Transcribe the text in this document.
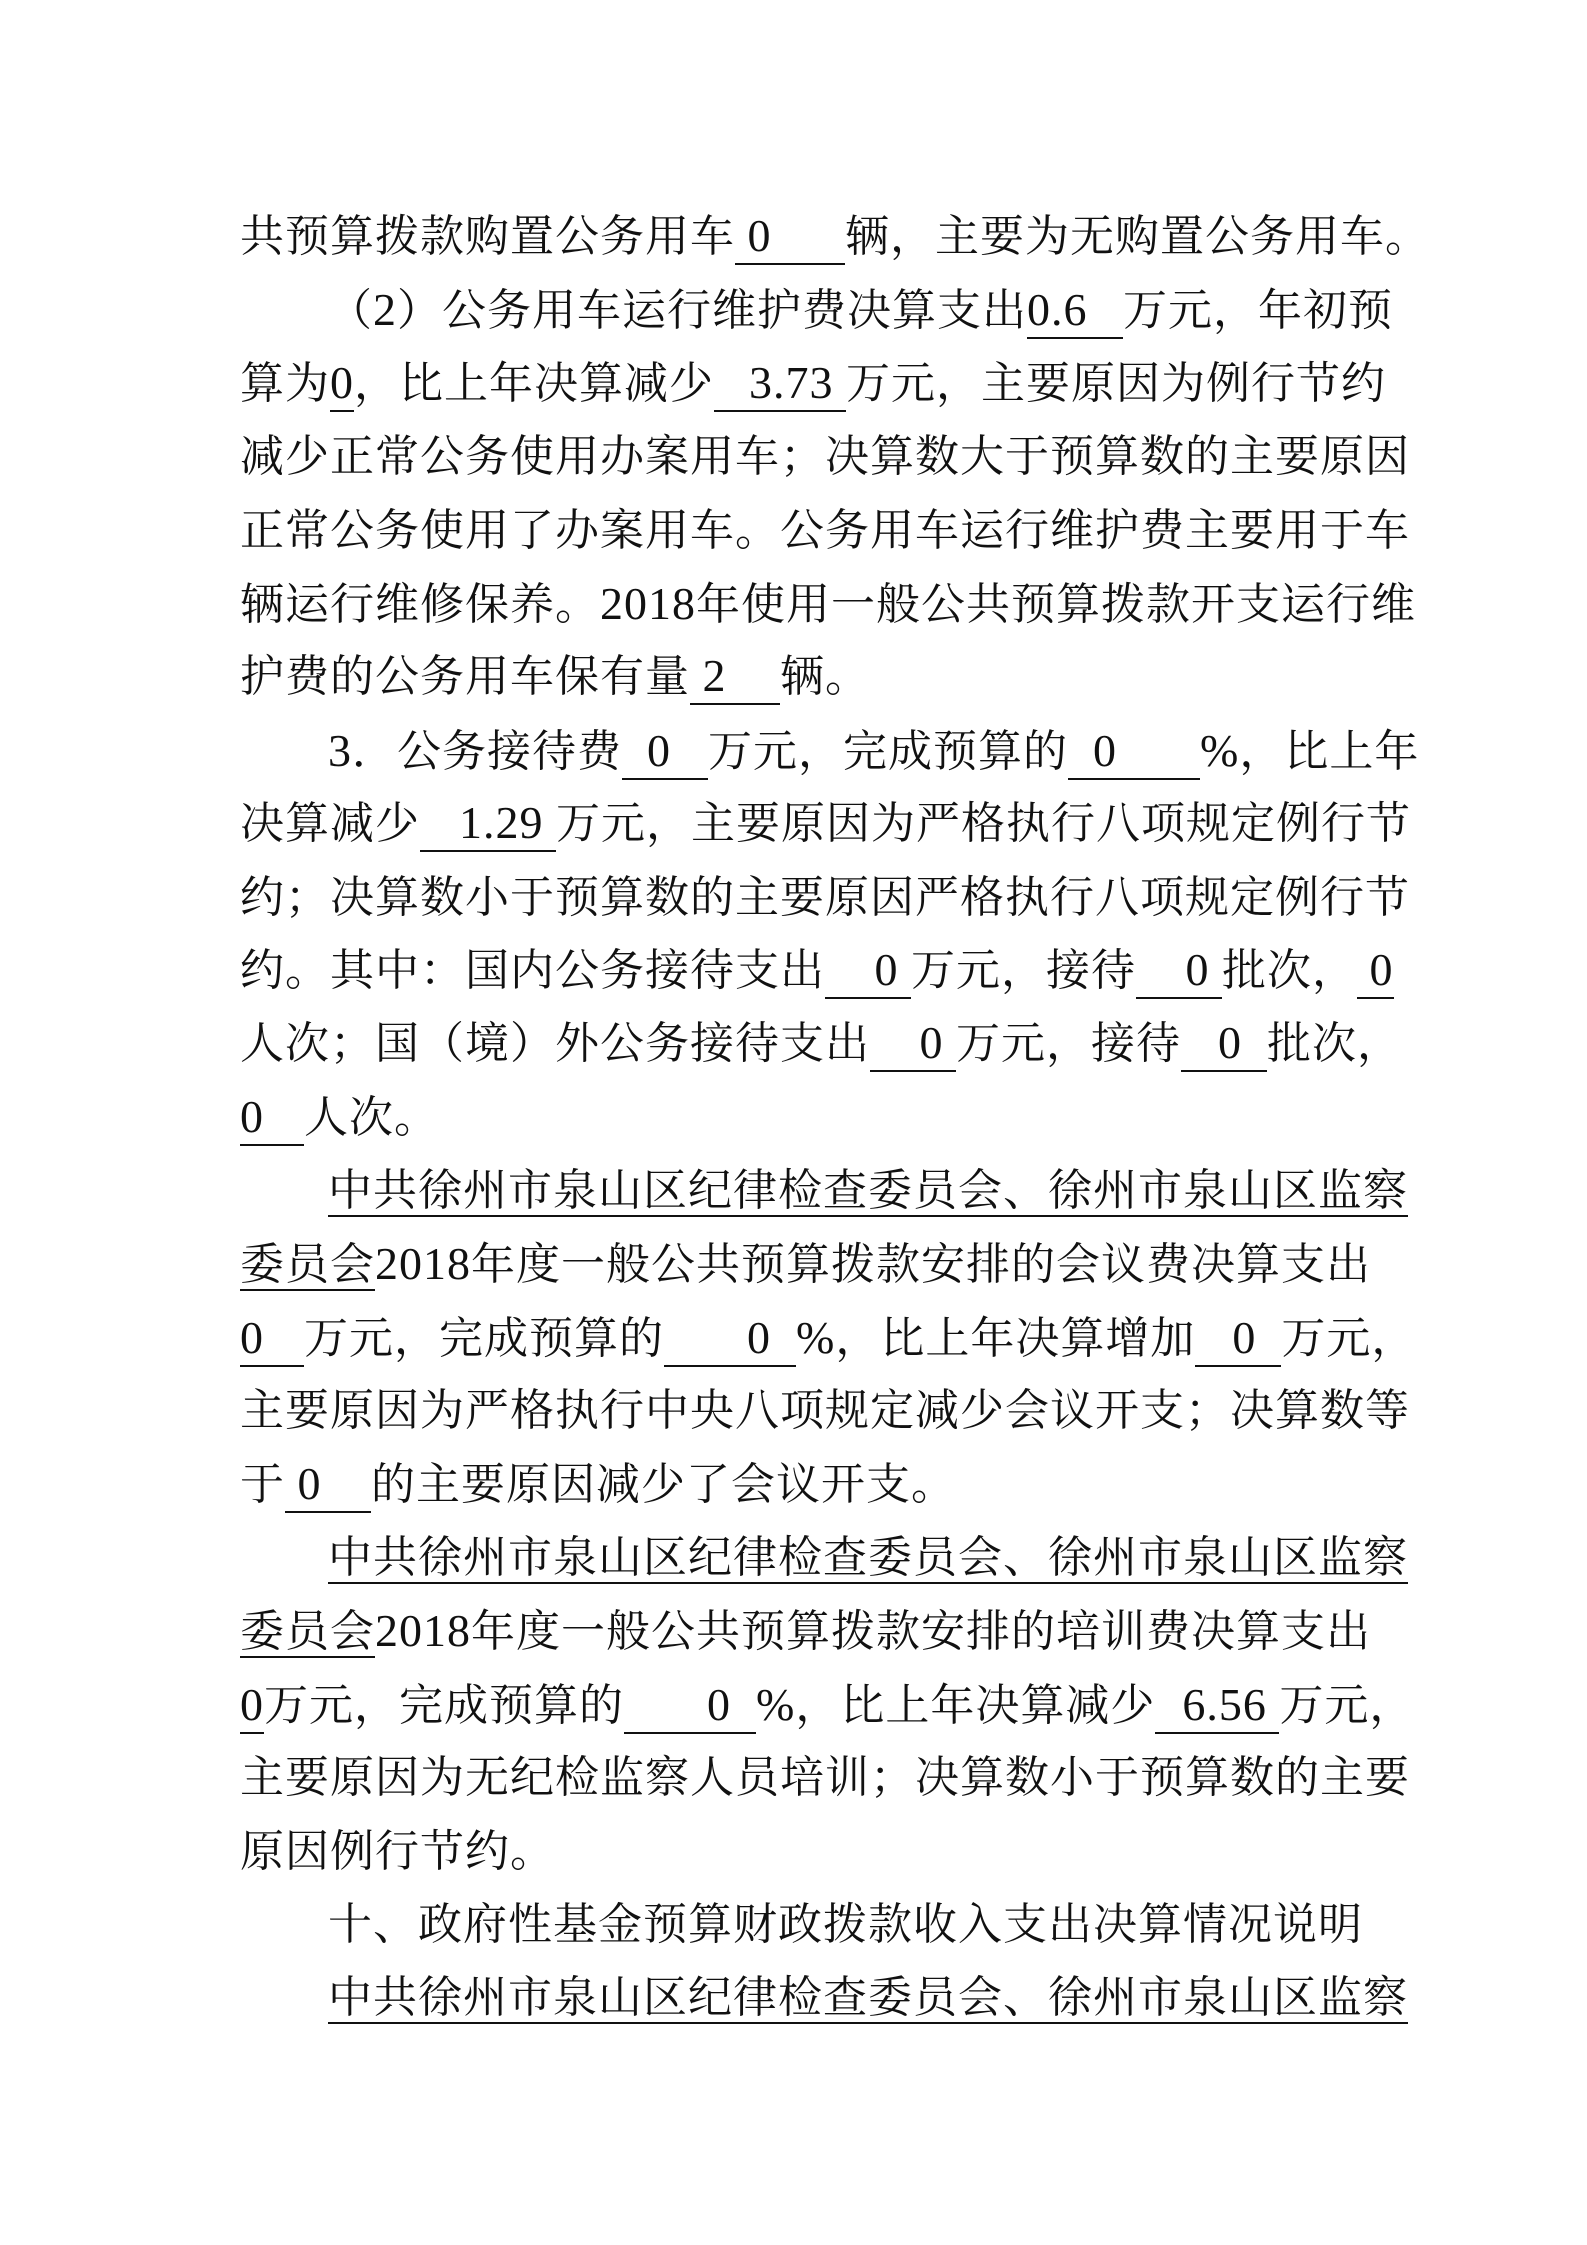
共预算拨款购置公务用车 0 辆，主要为无购置公务用车。
（2）公务用车运行维护费决算支出0.6 万元，年初预
算为0，比上年决算减少  3.73 万元，主要原因为例行节约
减少正常公务使用办案用车；决算数大于预算数的主要原因
正常公务使用了办案用车。公务用车运行维护费主要用于车
辆运行维修保养。2018年使用一般公共预算拨款开支运行维
护费的公务用车保有量 2 辆。
3．公务接待费  0 万元，完成预算的  0  %，比上年
决算减少  1.29 万元，主要原因为严格执行八项规定例行节
约；决算数小于预算数的主要原因严格执行八项规定例行节
约。其中：国内公务接待支出  0 万元，接待  0 批次， 0
人次；国（境）外公务接待支出  0 万元，接待 0  批次，
0  人次。
中共徐州市泉山区纪律检查委员会、徐州市泉山区监察
委员会2018年度一般公共预算拨款安排的会议费决算支出
0  万元，完成预算的  0  %，比上年决算增加 0  万元，
主要原因为严格执行中央八项规定减少会议开支；决算数等
于 0  的主要原因减少了会议开支。
中共徐州市泉山区纪律检查委员会、徐州市泉山区监察
委员会2018年度一般公共预算拨款安排的培训费决算支出
0万元，完成预算的  0  %，比上年决算减少 6.56 万元，
主要原因为无纪检监察人员培训；决算数小于预算数的主要
原因例行节约。
十、政府性基金预算财政拨款收入支出决算情况说明
中共徐州市泉山区纪律检查委员会、徐州市泉山区监察
